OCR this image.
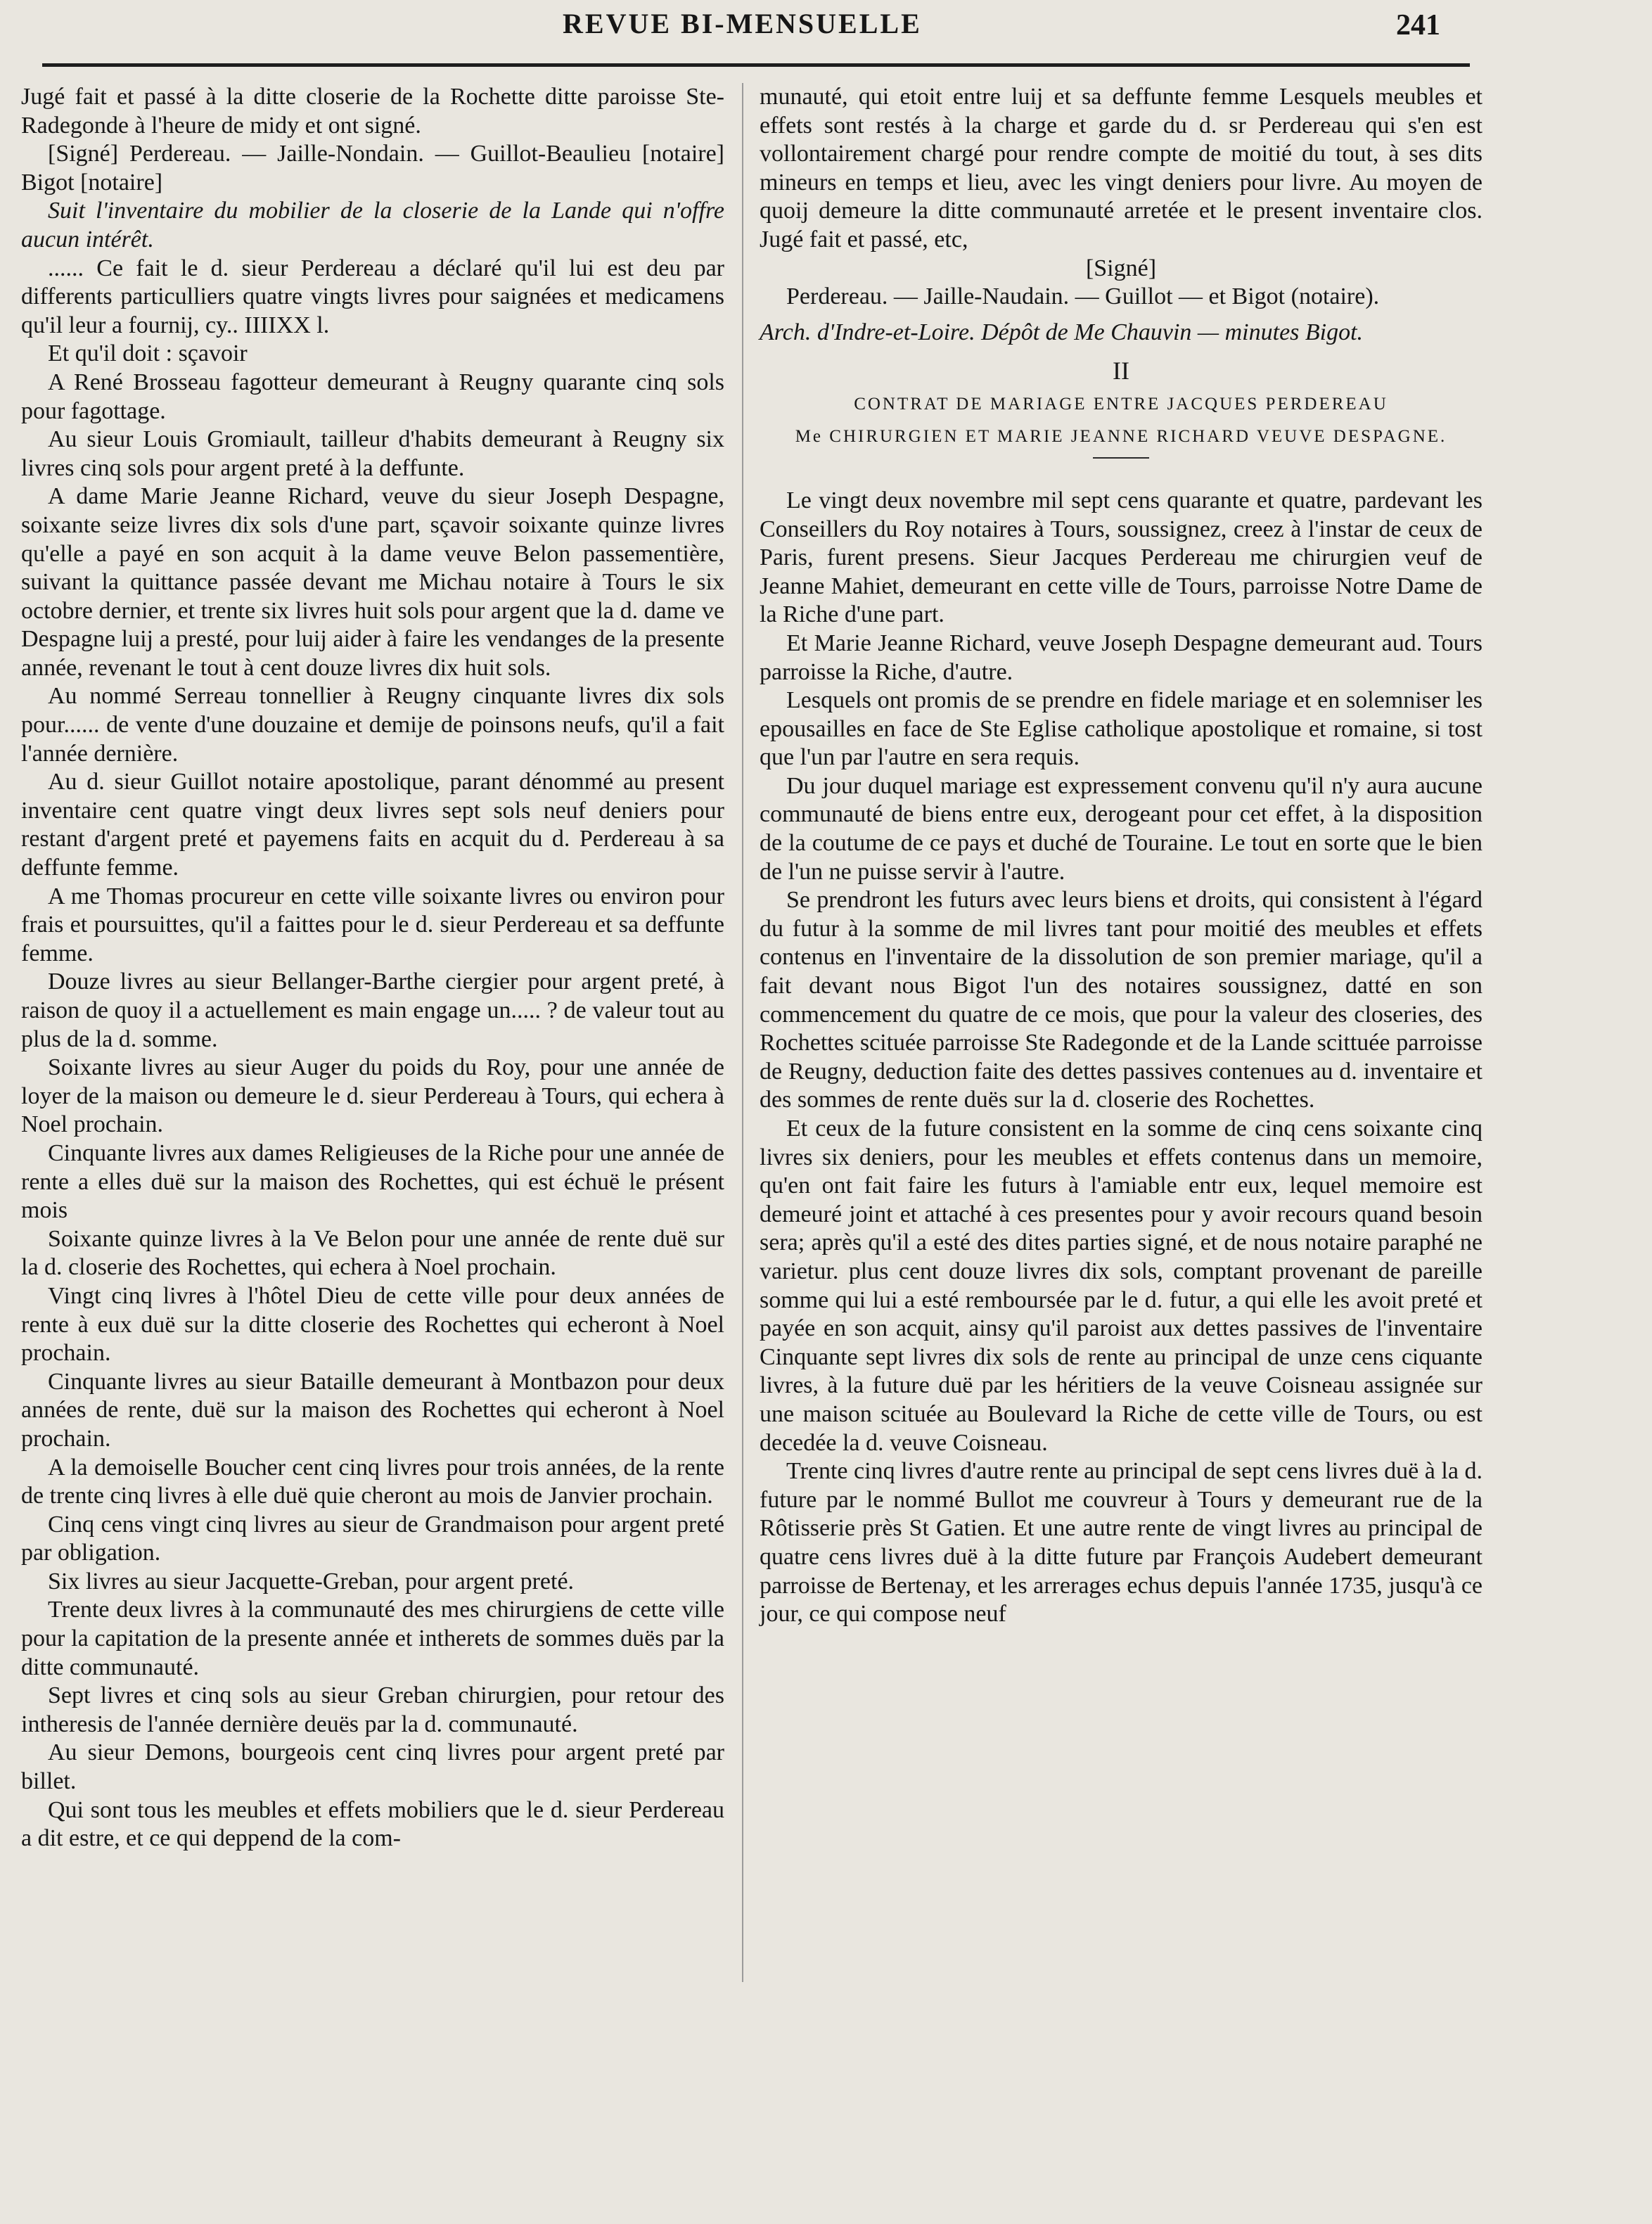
REVUE BI-MENSUELLE	241

Jugé fait et passé à la ditte closerie de la Rochette ditte paroisse Ste-Radegonde à l'heure de midy et ont signé.

[Signé] Perdereau. — Jaille-Nondain. — Guillot-Beaulieu [notaire] Bigot [notaire]

Suit l'inventaire du mobilier de la closerie de la Lande qui n'offre aucun intérêt.

...... Ce fait le d. sieur Perdereau a déclaré qu'il lui est deu par differents particulliers quatre vingts livres pour saignées et medicamens qu'il leur a fournij, cy.. IIIIXX l.

Et qu'il doit : sçavoir

A René Brosseau fagotteur demeurant à Reugny quarante cinq sols pour fagottage.

Au sieur Louis Gromiault, tailleur d'habits demeurant à Reugny six livres cinq sols pour argent preté à la deffunte.

A dame Marie Jeanne Richard, veuve du sieur Joseph Despagne, soixante seize livres dix sols d'une part, sçavoir soixante quinze livres qu'elle a payé en son acquit à la dame veuve Belon passementière, suivant la quittance passée devant me Michau notaire à Tours le six octobre dernier, et trente six livres huit sols pour argent que la d. dame ve Despagne luij a presté, pour luij aider à faire les vendanges de la presente année, revenant le tout à cent douze livres dix huit sols.

Au nommé Serreau tonnellier à Reugny cinquante livres dix sols pour...... de vente d'une douzaine et demije de poinsons neufs, qu'il a fait l'année dernière.

Au d. sieur Guillot notaire apostolique, parant dénommé au present inventaire cent quatre vingt deux livres sept sols neuf deniers pour restant d'argent preté et payemens faits en acquit du d. Perdereau à sa deffunte femme.

A me Thomas procureur en cette ville soixante livres ou environ pour frais et poursuittes, qu'il a faittes pour le d. sieur Perdereau et sa deffunte femme.

Douze livres au sieur Bellanger-Barthe ciergier pour argent preté, à raison de quoy il a actuellement es main engage un..... ? de valeur tout au plus de la d. somme.

Soixante livres au sieur Auger du poids du Roy, pour une année de loyer de la maison ou demeure le d. sieur Perdereau à Tours, qui echera à Noel prochain.

Cinquante livres aux dames Religieuses de la Riche pour une année de rente a elles duë sur la maison des Rochettes, qui est échuë le présent mois

Soixante quinze livres à la Ve Belon pour une année de rente duë sur la d. closerie des Rochettes, qui echera à Noel prochain.

Vingt cinq livres à l'hôtel Dieu de cette ville pour deux années de rente à eux duë sur la ditte closerie des Rochettes qui echeront à Noel prochain.

Cinquante livres au sieur Bataille demeurant à Montbazon pour deux années de rente, duë sur la maison des Rochettes qui echeront à Noel prochain.

A la demoiselle Boucher cent cinq livres pour trois années, de la rente de trente cinq livres à elle duë quie cheront au mois de Janvier prochain.

Cinq cens vingt cinq livres au sieur de Grandmaison pour argent preté par obligation.

Six livres au sieur Jacquette-Greban, pour argent preté.

Trente deux livres à la communauté des mes chirurgiens de cette ville pour la capitation de la presente année et intherets de sommes duës par la ditte communauté.

Sept livres et cinq sols au sieur Greban chirurgien, pour retour des intheresis de l'année dernière deuës par la d. communauté.

Au sieur Demons, bourgeois cent cinq livres pour argent preté par billet.

Qui sont tous les meubles et effets mobiliers que le d. sieur Perdereau a dit estre, et ce qui deppend de la com-

munauté, qui etoit entre luij et sa deffunte femme Lesquels meubles et effets sont restés à la charge et garde du d. sr Perdereau qui s'en est vollontairement chargé pour rendre compte de moitié du tout, à ses dits mineurs en temps et lieu, avec les vingt deniers pour livre. Au moyen de quoij demeure la ditte communauté arretée et le present inventaire clos. Jugé fait et passé, etc,

[Signé]

Perdereau. — Jaille-Naudain. — Guillot — et Bigot (notaire).

Arch. d'Indre-et-Loire. Dépôt de Me Chauvin — minutes Bigot.

II

CONTRAT DE MARIAGE ENTRE JACQUES PERDEREAU

Me CHIRURGIEN ET MARIE JEANNE RICHARD VEUVE DESPAGNE.

Le vingt deux novembre mil sept cens quarante et quatre, pardevant les Conseillers du Roy notaires à Tours, soussignez, creez à l'instar de ceux de Paris, furent presens. Sieur Jacques Perdereau me chirurgien veuf de Jeanne Mahiet, demeurant en cette ville de Tours, parroisse Notre Dame de la Riche d'une part.

Et Marie Jeanne Richard, veuve Joseph Despagne demeurant aud. Tours parroisse la Riche, d'autre.

Lesquels ont promis de se prendre en fidele mariage et en solemniser les epousailles en face de Ste Eglise catholique apostolique et romaine, si tost que l'un par l'autre en sera requis.

Du jour duquel mariage est expressement convenu qu'il n'y aura aucune communauté de biens entre eux, derogeant pour cet effet, à la disposition de la coutume de ce pays et duché de Touraine. Le tout en sorte que le bien de l'un ne puisse servir à l'autre.

Se prendront les futurs avec leurs biens et droits, qui consistent à l'égard du futur à la somme de mil livres tant pour moitié des meubles et effets contenus en l'inventaire de la dissolution de son premier mariage, qu'il a fait devant nous Bigot l'un des notaires soussignez, datté en son commencement du quatre de ce mois, que pour la valeur des closeries, des Rochettes scituée parroisse Ste Radegonde et de la Lande scittuée parroisse de Reugny, deduction faite des dettes passives contenues au d. inventaire et des sommes de rente duës sur la d. closerie des Rochettes.

Et ceux de la future consistent en la somme de cinq cens soixante cinq livres six deniers, pour les meubles et effets contenus dans un memoire, qu'en ont fait faire les futurs à l'amiable entr eux, lequel memoire est demeuré joint et attaché à ces presentes pour y avoir recours quand besoin sera; après qu'il a esté des dites parties signé, et de nous notaire paraphé ne varietur. plus cent douze livres dix sols, comptant provenant de pareille somme qui lui a esté remboursée par le d. futur, a qui elle les avoit preté et payée en son acquit, ainsy qu'il paroist aux dettes passives de l'inventaire Cinquante sept livres dix sols de rente au principal de unze cens ciquante livres, à la future duë par les héritiers de la veuve Coisneau assignée sur une maison scituée au Boulevard la Riche de cette ville de Tours, ou est decedée la d. veuve Coisneau.

Trente cinq livres d'autre rente au principal de sept cens livres duë à la d. future par le nommé Bullot me couvreur à Tours y demeurant rue de la Rôtisserie près St Gatien. Et une autre rente de vingt livres au principal de quatre cens livres duë à la ditte future par François Audebert demeurant parroisse de Bertenay, et les arrerages echus depuis l'année 1735, jusqu'à ce jour, ce qui compose neuf
